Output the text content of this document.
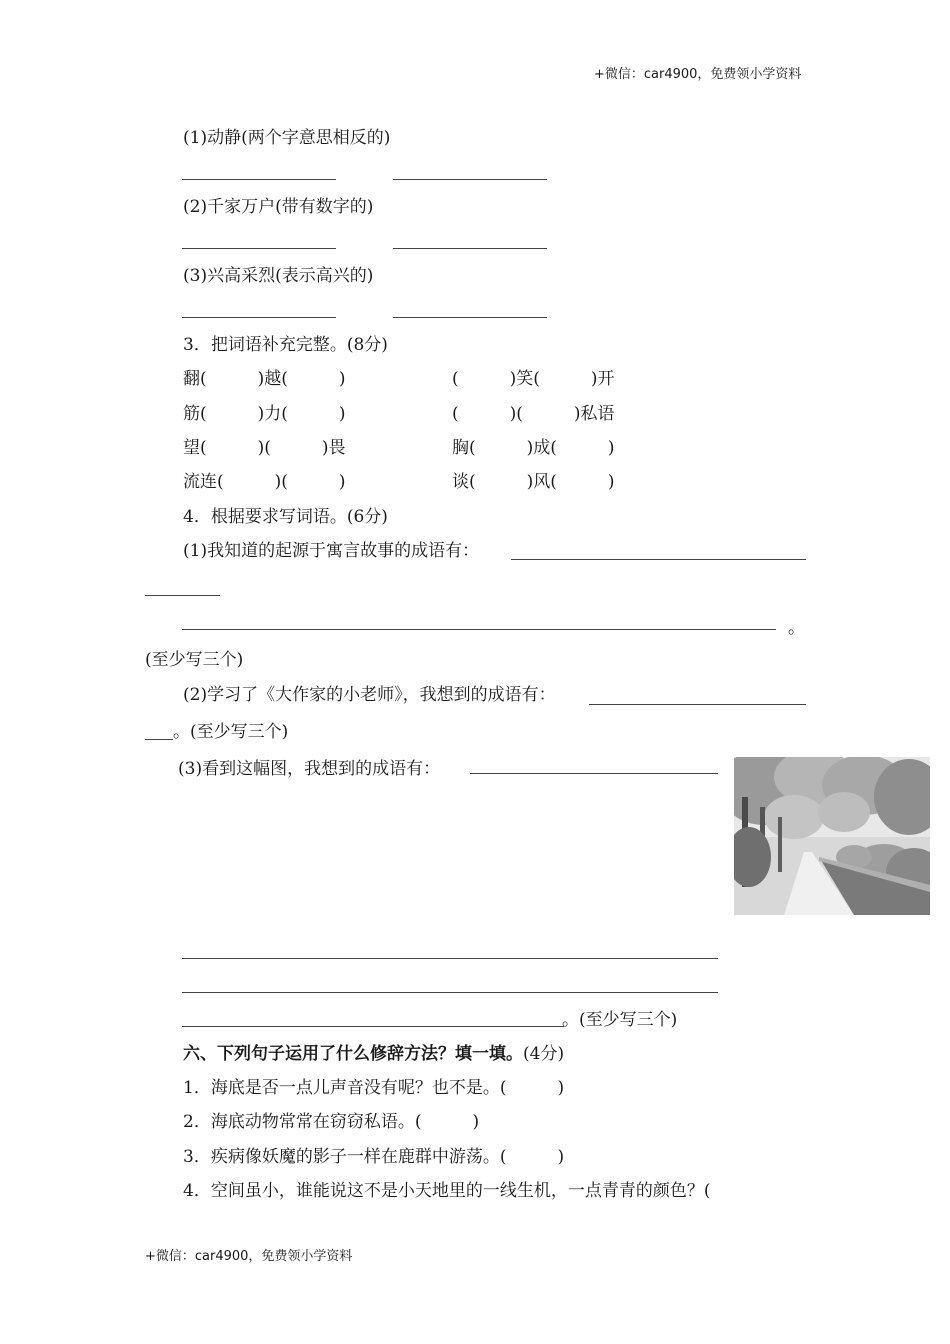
+微信：car4900，免费领小学资料
(1)动静(两个字意思相反的)
(2)千家万户(带有数字的)
(3)兴高采烈(表示高兴的)
3．把词语补充完整。(8分)
翻(　　　)越(　　　)	(　　　)笑(　　　)开
筋(　　　)力(　　　)	(　　　)(　　　)私语
望(　　　)(　　　)畏	胸(　　　)成(　　　)
流连(　　　)(　　　)	谈(　　　)风(　　　)
4．根据要求写词语。(6分)
(1)我知道的起源于寓言故事的成语有：
。
(至少写三个)
(2)学习了《大作家的小老师》，我想到的成语有：
。(至少写三个)
(3)看到这幅图，我想到的成语有：
。(至少写三个)
六、下列句子运用了什么修辞方法？填一填。(4分)
1．海底是否一点儿声音没有呢？也不是。(　　　)
2．海底动物常常在窃窃私语。(　　　)
3．疾病像妖魔的影子一样在鹿群中游荡。(　　　)
4．空间虽小，谁能说这不是小天地里的一线生机，一点青青的颜色？(
+微信：car4900，免费领小学资料
